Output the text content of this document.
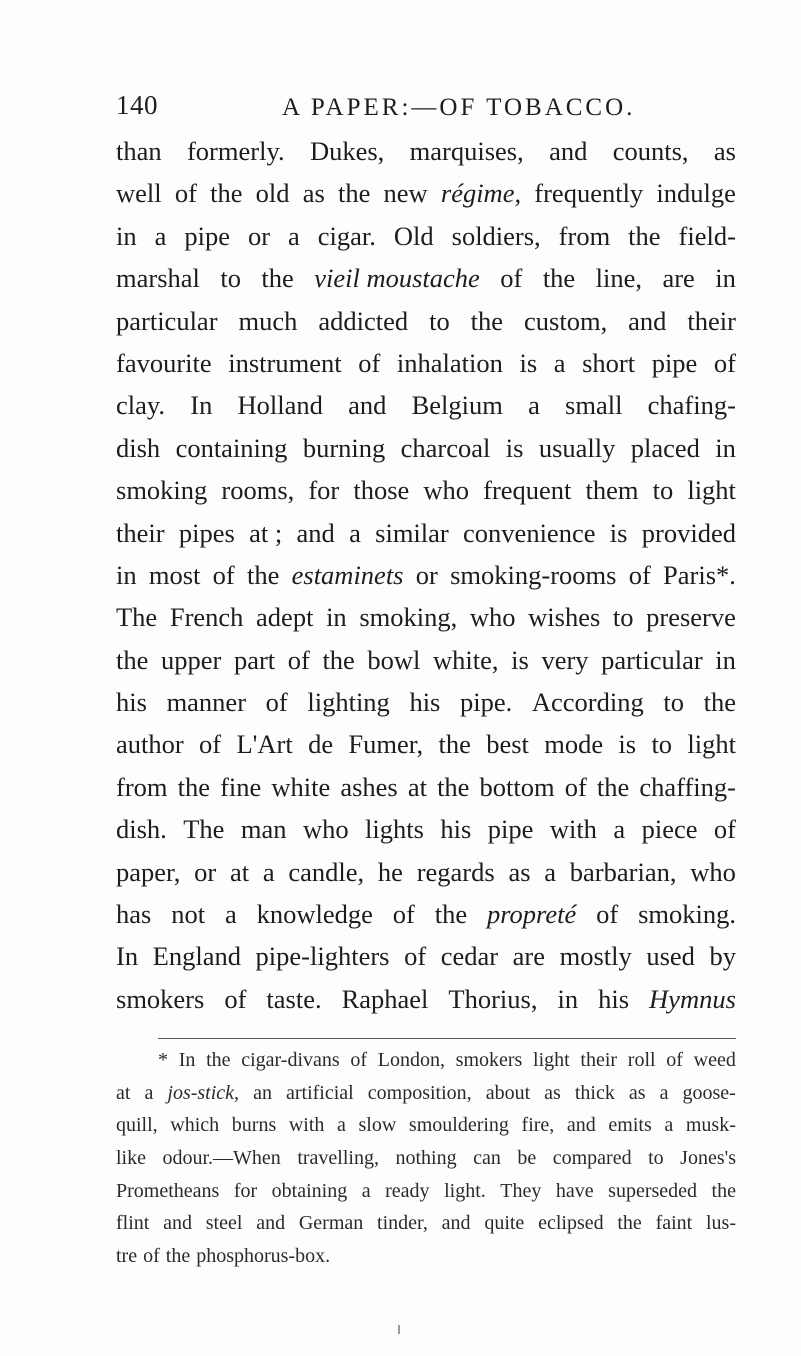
140	A PAPER:—OF TOBACCO.
than formerly. Dukes, marquises, and counts, as
well of the old as the new régime, frequently indulge
in a pipe or a cigar. Old soldiers, from the field-
marshal to the vieil moustache of the line, are in
particular much addicted to the custom, and their
favourite instrument of inhalation is a short pipe of
clay. In Holland and Belgium a small chafing-
dish containing burning charcoal is usually placed in
smoking rooms, for those who frequent them to light
their pipes at ; and a similar convenience is provided
in most of the estaminets or smoking-rooms of Paris*.
The French adept in smoking, who wishes to preserve
the upper part of the bowl white, is very particular in
his manner of lighting his pipe. According to the
author of L'Art de Fumer, the best mode is to light
from the fine white ashes at the bottom of the chaffing-
dish. The man who lights his pipe with a piece of
paper, or at a candle, he regards as a barbarian, who
has not a knowledge of the propreté of smoking.
In England pipe-lighters of cedar are mostly used by
smokers of taste. Raphael Thorius, in his Hymnus
* In the cigar-divans of London, smokers light their roll of weed
at a jos-stick, an artificial composition, about as thick as a goose-
quill, which burns with a slow smouldering fire, and emits a musk-
like odour.—When travelling, nothing can be compared to Jones's
Prometheans for obtaining a ready light. They have superseded the
flint and steel and German tinder, and quite eclipsed the faint lus-
tre of the phosphorus-box.
